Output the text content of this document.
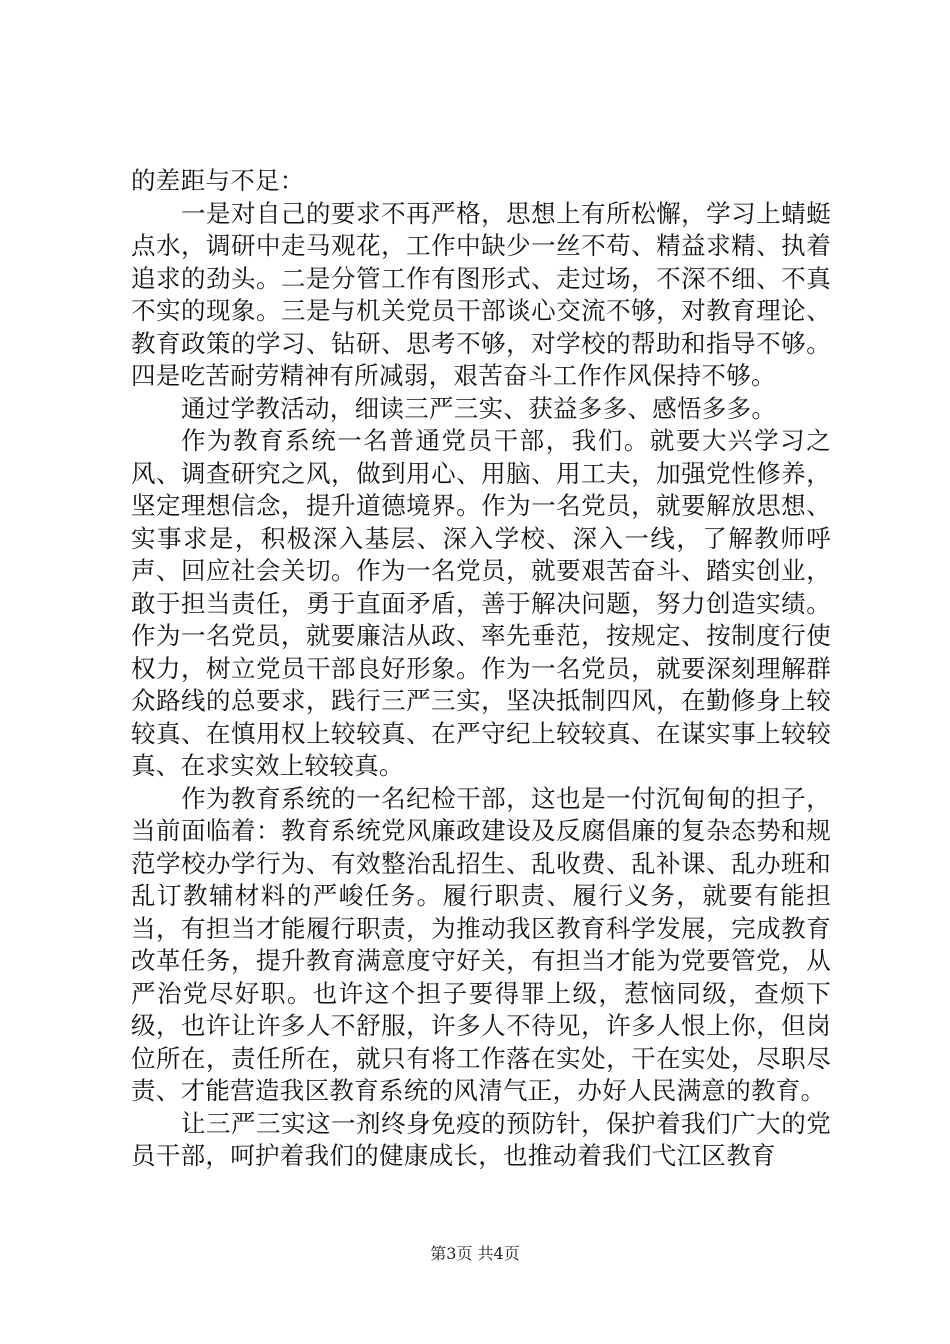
的差距与不足：

一是对自己的要求不再严格，思想上有所松懈，学习上蜻蜓点水，调研中走马观花，工作中缺少一丝不苟、精益求精、执着追求的劲头。二是分管工作有图形式、走过场，不深不细、不真不实的现象。三是与机关党员干部谈心交流不够，对教育理论、教育政策的学习、钻研、思考不够，对学校的帮助和指导不够。四是吃苦耐劳精神有所减弱，艰苦奋斗工作作风保持不够。

通过学教活动，细读三严三实、获益多多、感悟多多。

作为教育系统一名普通党员干部，我们。就要大兴学习之风、调查研究之风，做到用心、用脑、用工夫，加强党性修养，坚定理想信念，提升道德境界。作为一名党员，就要解放思想、实事求是，积极深入基层、深入学校、深入一线，了解教师呼声、回应社会关切。作为一名党员，就要艰苦奋斗、踏实创业，敢于担当责任，勇于直面矛盾，善于解决问题，努力创造实绩。作为一名党员，就要廉洁从政、率先垂范，按规定、按制度行使权力，树立党员干部良好形象。作为一名党员，就要深刻理解群众路线的总要求，践行三严三实，坚决抵制四风，在勤修身上较较真、在慎用权上较较真、在严守纪上较较真、在谋实事上较较真、在求实效上较较真。

作为教育系统的一名纪检干部，这也是一付沉甸甸的担子，当前面临着：教育系统党风廉政建设及反腐倡廉的复杂态势和规范学校办学行为、有效整治乱招生、乱收费、乱补课、乱办班和乱订教辅材料的严峻任务。履行职责、履行义务，就要有能担当，有担当才能履行职责，为推动我区教育科学发展，完成教育改革任务，提升教育满意度守好关，有担当才能为党要管党，从严治党尽好职。也许这个担子要得罪上级，惹恼同级，查烦下级，也许让许多人不舒服，许多人不待见，许多人恨上你，但岗位所在，责任所在，就只有将工作落在实处，干在实处，尽职尽责、才能营造我区教育系统的风清气正，办好人民满意的教育。

让三严三实这一剂终身免疫的预防针，保护着我们广大的党员干部，呵护着我们的健康成长，也推动着我们弋江区教育

第3页 共4页
